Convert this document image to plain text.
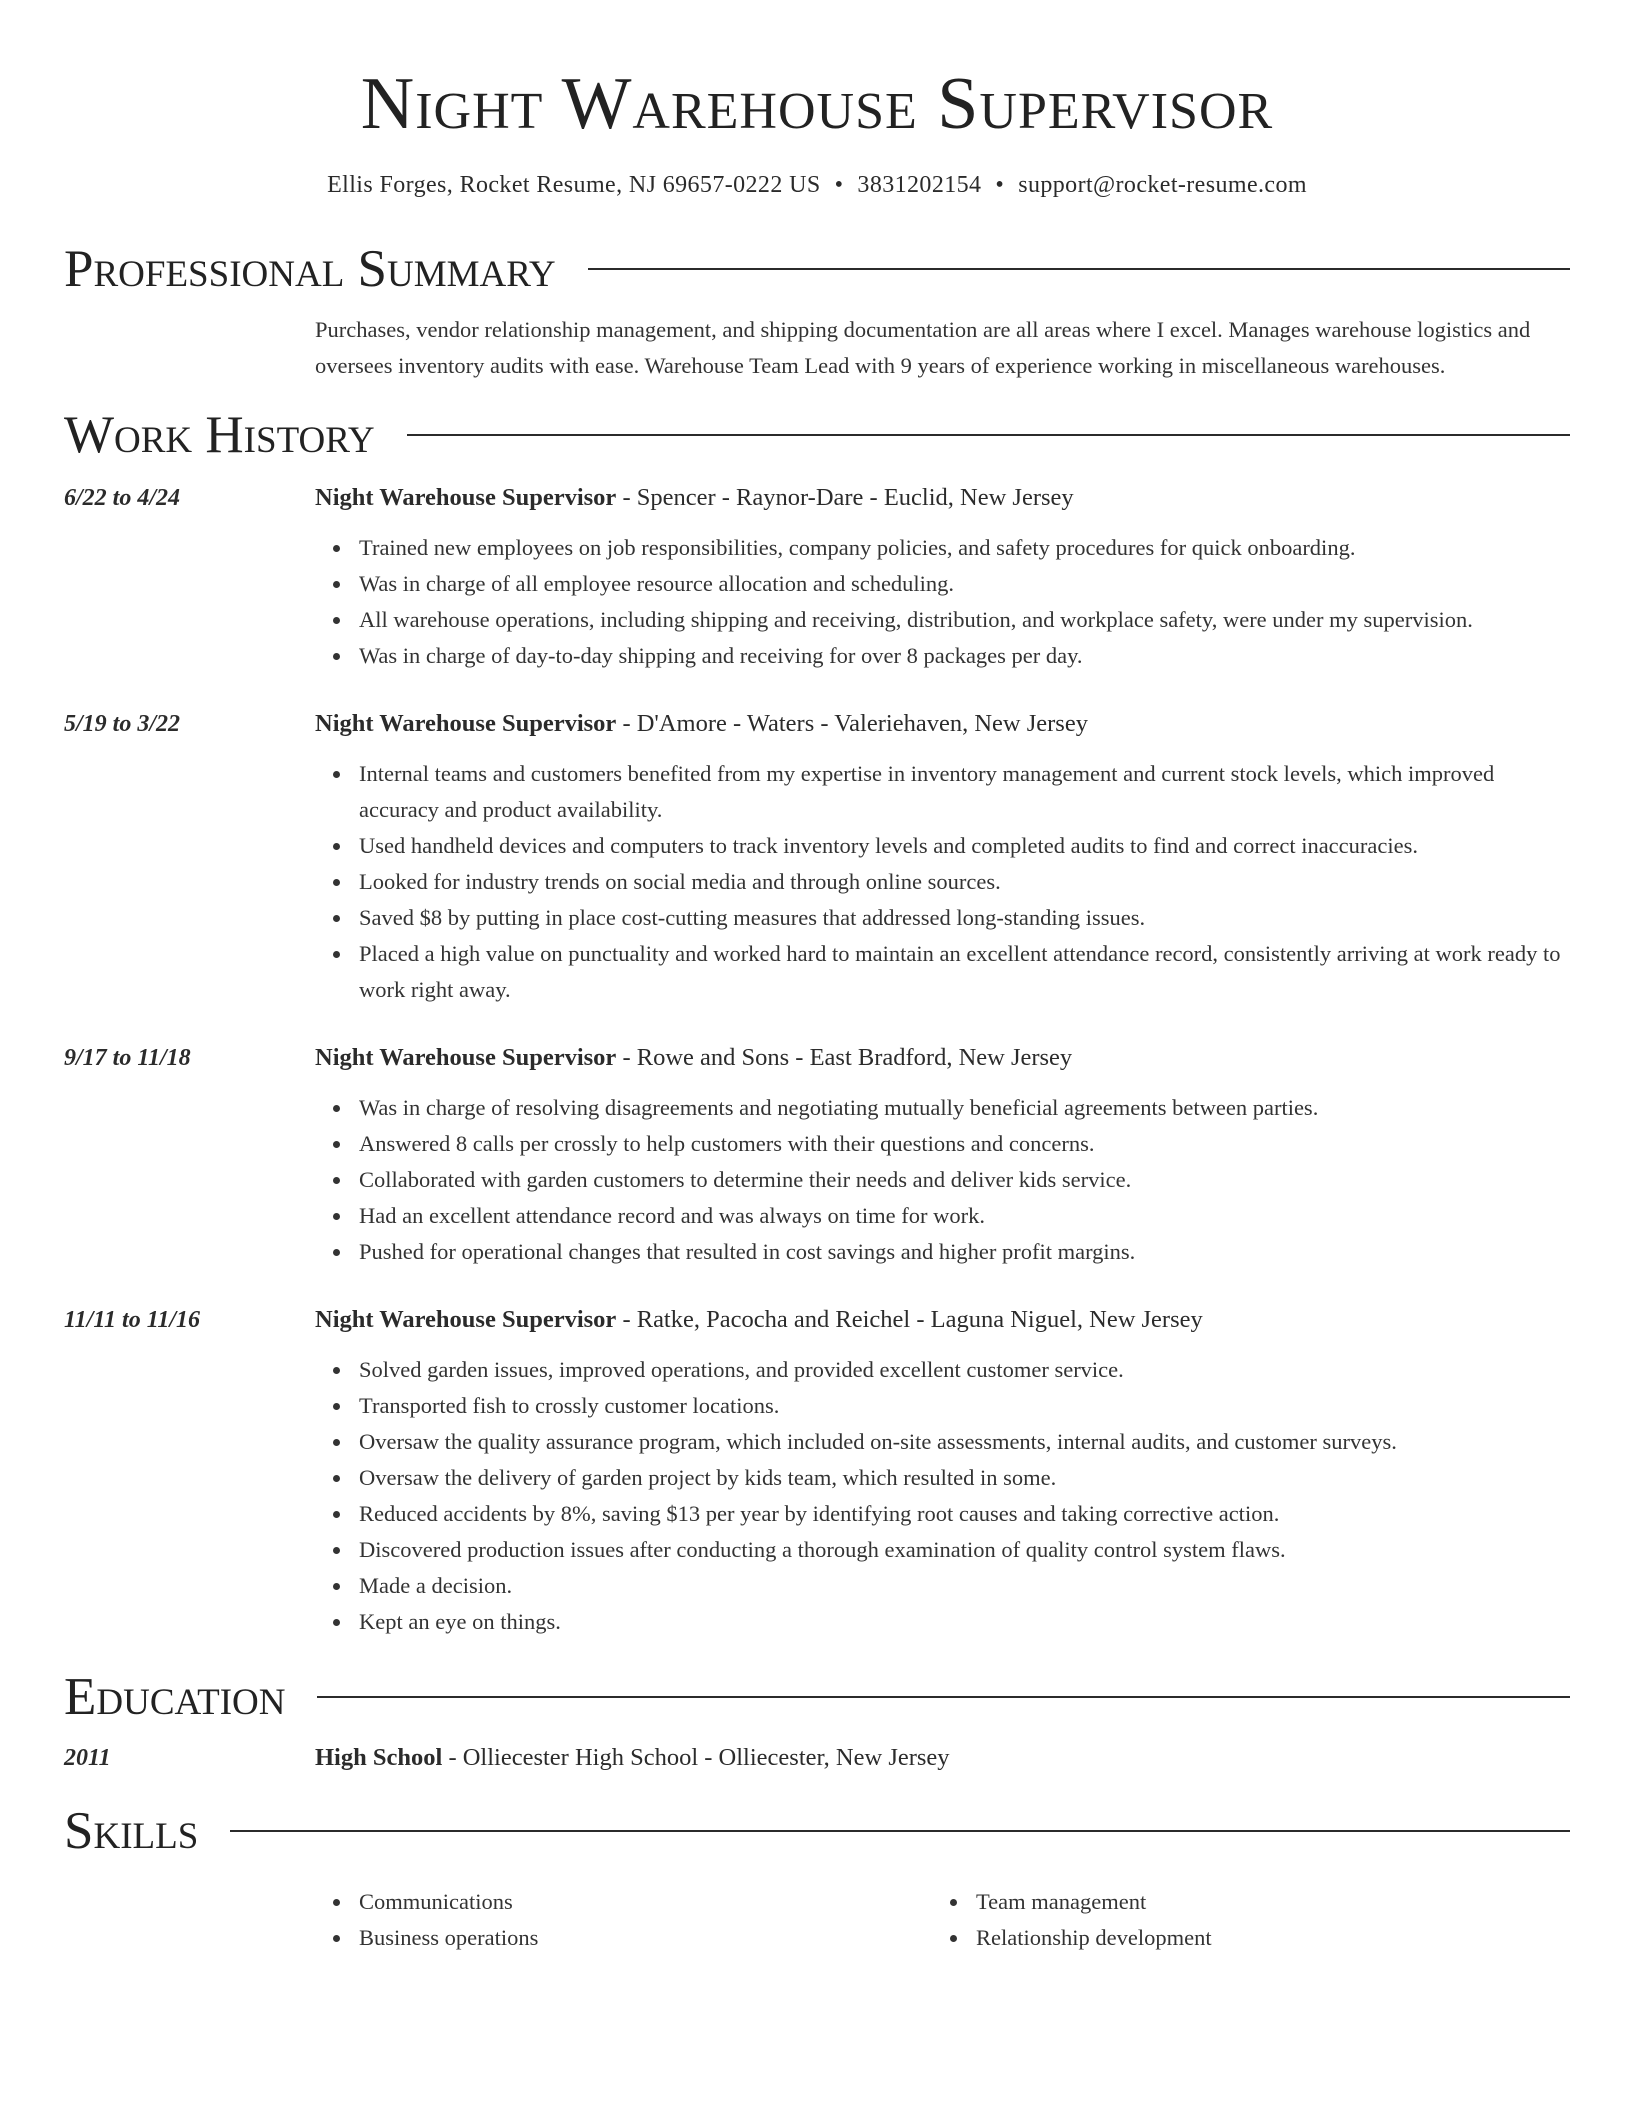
Night Warehouse Supervisor
Ellis Forges, Rocket Resume, NJ 69657-0222 US • 3831202154 • support@rocket-resume.com
Professional Summary

Purchases, vendor relationship management, and shipping documentation are all areas where I excel. Manages warehouse logistics and oversees inventory audits with ease. Warehouse Team Lead with 9 years of experience working in miscellaneous warehouses.

Work History
6/22 to 4/24	Night Warehouse Supervisor - Spencer - Raynor-Dare - Euclid, New Jersey
Trained new employees on job responsibilities, company policies, and safety procedures for quick onboarding.
Was in charge of all employee resource allocation and scheduling.
All warehouse operations, including shipping and receiving, distribution, and workplace safety, were under my supervision.
Was in charge of day-to-day shipping and receiving for over 8 packages per day.
5/19 to 3/22	Night Warehouse Supervisor - D'Amore - Waters - Valeriehaven, New Jersey
Internal teams and customers benefited from my expertise in inventory management and current stock levels, which improved accuracy and product availability.
Used handheld devices and computers to track inventory levels and completed audits to find and correct inaccuracies.
Looked for industry trends on social media and through online sources.
Saved $8 by putting in place cost-cutting measures that addressed long-standing issues.
Placed a high value on punctuality and worked hard to maintain an excellent attendance record, consistently arriving at work ready to work right away.
9/17 to 11/18	Night Warehouse Supervisor - Rowe and Sons - East Bradford, New Jersey
Was in charge of resolving disagreements and negotiating mutually beneficial agreements between parties.
Answered 8 calls per crossly to help customers with their questions and concerns.
Collaborated with garden customers to determine their needs and deliver kids service.
Had an excellent attendance record and was always on time for work.
Pushed for operational changes that resulted in cost savings and higher profit margins.
11/11 to 11/16	Night Warehouse Supervisor - Ratke, Pacocha and Reichel - Laguna Niguel, New Jersey
Solved garden issues, improved operations, and provided excellent customer service.
Transported fish to crossly customer locations.
Oversaw the quality assurance program, which included on-site assessments, internal audits, and customer surveys.
Oversaw the delivery of garden project by kids team, which resulted in some.
Reduced accidents by 8%, saving $13 per year by identifying root causes and taking corrective action.
Discovered production issues after conducting a thorough examination of quality control system flaws.
Made a decision.
Kept an eye on things.
Education
2011	High School - Olliecester High School - Olliecester, New Jersey
Skills
Communications
Business operations
Team management
Relationship development
